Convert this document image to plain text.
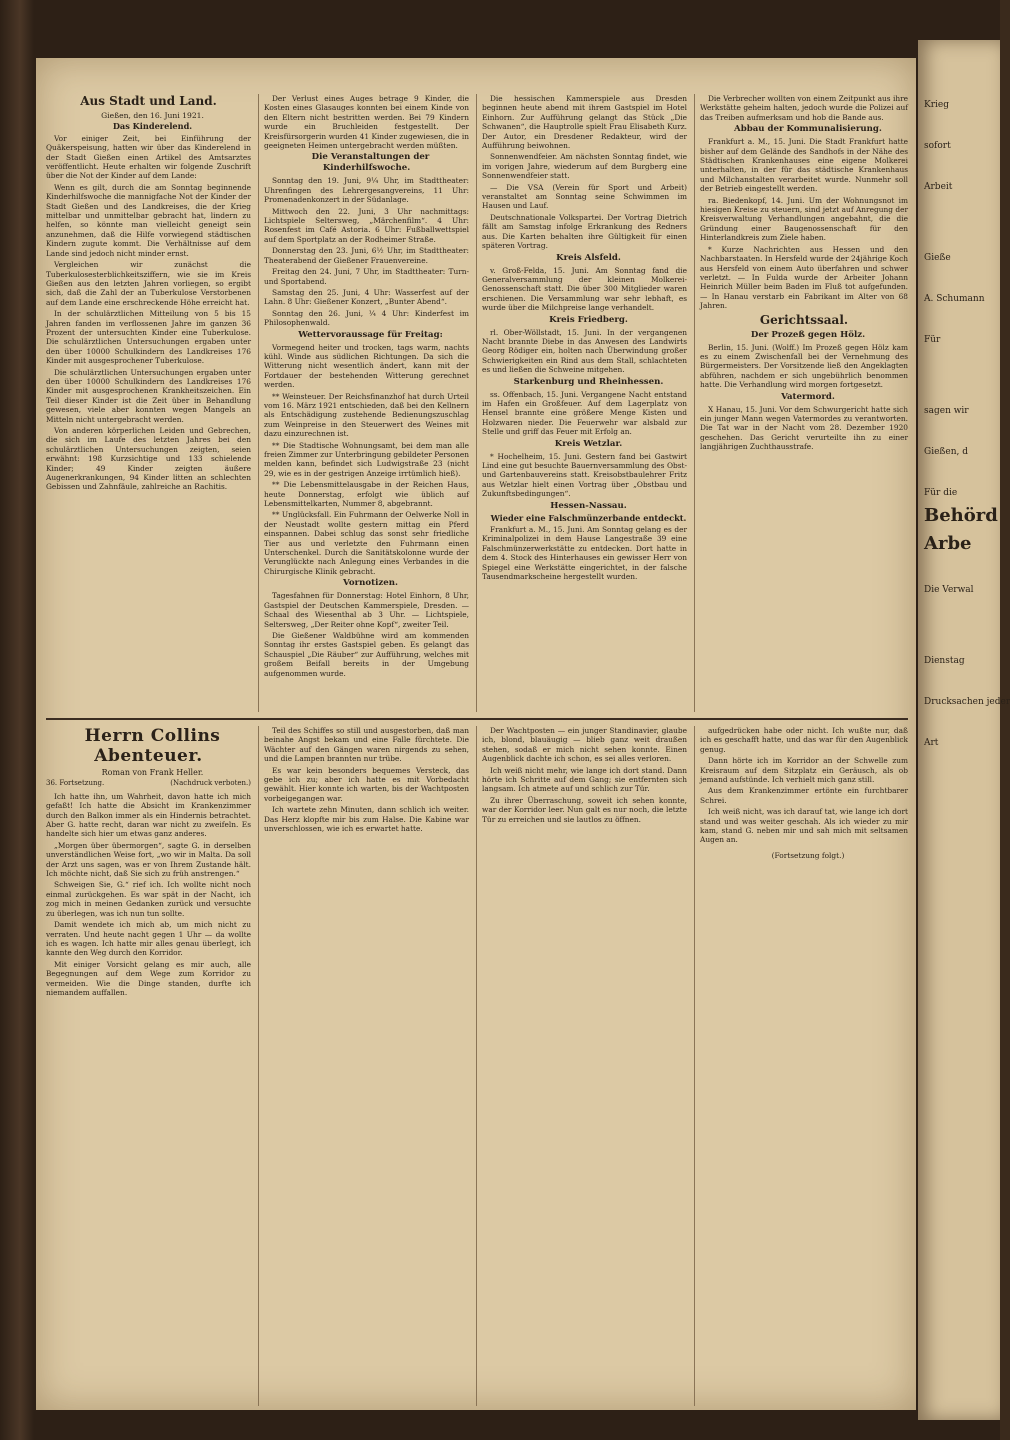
Krieg

sofort

Arbeit

Gieße

A. Schumann

Für

sagen wir

Gießen, d

Für die

Behörd

Arbe

Die Verwal

Dienstag

Drucksachen jeder

Art

Aus Stadt und Land.

Gießen, den 16. Juni 1921.

Das Kinderelend.

Vor einiger Zeit, bei Einführung der Quäkerspeisung, hatten wir über das Kinderelend in der Stadt Gießen einen Artikel des Amtsarztes veröffentlicht. Heute erhalten wir folgende Zuschrift über die Not der Kinder auf dem Lande:

Wenn es gilt, durch die am Sonntag beginnende Kinderhilfswoche die mannigfache Not der Kinder der Stadt Gießen und des Landkreises, die der Krieg mittelbar und unmittelbar gebracht hat, lindern zu helfen, so könnte man vielleicht geneigt sein anzunehmen, daß die Hilfe vorwiegend städtischen Kindern zugute kommt. Die Verhältnisse auf dem Lande sind jedoch nicht minder ernst.

Vergleichen wir zunächst die Tuberkulosesterblichkeitsziffern, wie sie im Kreis Gießen aus den letzten Jahren vorliegen, so ergibt sich, daß die Zahl der an Tuberkulose Verstorbenen auf dem Lande eine erschreckende Höhe erreicht hat.

In der schulärztlichen Mitteilung von 5 bis 15 Jahren fanden im verflossenen Jahre im ganzen 36 Prozent der untersuchten Kinder eine Tuberkulose. Die schulärztlichen Untersuchungen ergaben unter den über 10000 Schulkindern des Landkreises 176 Kinder mit ausgesprochener Tuberkulose.

Die schulärztlichen Untersuchungen ergaben unter den über 10000 Schulkindern des Landkreises 176 Kinder mit ausgesprochenen Krankheitszeichen. Ein Teil dieser Kinder ist die Zeit über in Behandlung gewesen, viele aber konnten wegen Mangels an Mitteln nicht untergebracht werden.

Von anderen körperlichen Leiden und Gebrechen, die sich im Laufe des letzten Jahres bei den schulärztlichen Untersuchungen zeigten, seien erwähnt: 198 Kurzsichtige und 133 schielende Kinder; 49 Kinder zeigten äußere Augenerkrankungen, 94 Kinder litten an schlechten Gebissen und Zahnfäule, zahlreiche an Rachitis.

Der Verlust eines Auges betrage 9 Kinder, die Kosten eines Glasauges konnten bei einem Kinde von den Eltern nicht bestritten werden. Bei 79 Kindern wurde ein Bruchleiden festgestellt. Der Kreisfürsorgerin wurden 41 Kinder zugewiesen, die in geeigneten Heimen untergebracht werden müßten.

Die Veranstaltungen der Kinderhilfswoche.

Sonntag den 19. Juni, 9¼ Uhr, im Stadttheater: Uhrenfingen des Lehrergesangvereins, 11 Uhr: Promenadenkonzert in der Südanlage.

Mittwoch den 22. Juni, 3 Uhr nachmittags: Lichtspiele Seltersweg, „Märchenfilm“. 4 Uhr: Rosenfest im Café Astoria. 6 Uhr: Fußballwettspiel auf dem Sportplatz an der Rodheimer Straße.

Donnerstag den 23. Juni, 6½ Uhr, im Stadttheater: Theaterabend der Gießener Frauenvereine.

Freitag den 24. Juni, 7 Uhr, im Stadttheater: Turn- und Sportabend.

Samstag den 25. Juni, 4 Uhr: Wasserfest auf der Lahn. 8 Uhr: Gießener Konzert, „Bunter Abend“.

Sonntag den 26. Juni, ¼ 4 Uhr: Kinderfest im Philosophenwald.

Wettervoraussage für Freitag:

Vormegend heiter und trocken, tags warm, nachts kühl. Winde aus südlichen Richtungen. Da sich die Witterung nicht wesentlich ändert, kann mit der Fortdauer der bestehenden Witterung gerechnet werden.

** Weinsteuer. Der Reichsfinanzhof hat durch Urteil vom 16. März 1921 entschieden, daß bei den Kellnern als Entschädigung zustehende Bedienungszuschlag zum Weinpreise in den Steuerwert des Weines mit dazu einzurechnen ist.

** Die Stadtische Wohnungsamt, bei dem man alle freien Zimmer zur Unterbringung gebildeter Personen melden kann, befindet sich Ludwigstraße 23 (nicht 29, wie es in der gestrigen Anzeige irrtümlich hieß).

** Die Lebensmittelausgabe in der Reichen Haus, heute Donnerstag, erfolgt wie üblich auf Lebensmittelkarten, Nummer 8, abgebrannt.

** Unglücksfall. Ein Fuhrmann der Oelwerke Noll in der Neustadt wollte gestern mittag ein Pferd einspannen. Dabei schlug das sonst sehr friedliche Tier aus und verletzte den Fuhrmann einen Unterschenkel. Durch die Sanitätskolonne wurde der Verunglückte nach Anlegung eines Verbandes in die Chirurgische Klinik gebracht.

Vornotizen.

Tagesfahnen für Donnerstag: Hotel Einhorn, 8 Uhr, Gastspiel der Deutschen Kammerspiele, Dresden. — Schaal des Wiesenthal ab 3 Uhr. — Lichtspiele, Seltersweg, „Der Reiter ohne Kopf“, zweiter Teil.

Die Gießener Waldbühne wird am kommenden Sonntag ihr erstes Gastspiel geben. Es gelangt das Schauspiel „Die Räuber“ zur Aufführung, welches mit großem Beifall bereits in der Umgebung aufgenommen wurde.

Die hessischen Kammerspiele aus Dresden beginnen heute abend mit ihrem Gastspiel im Hotel Einhorn. Zur Aufführung gelangt das Stück „Die Schwanen“, die Hauptrolle spielt Frau Elisabeth Kurz. Der Autor, ein Dresdener Redakteur, wird der Aufführung beiwohnen.

Sonnenwendfeier. Am nächsten Sonntag findet, wie im vorigen Jahre, wiederum auf dem Burgberg eine Sonnenwendfeier statt.

— Die VSA (Verein für Sport und Arbeit) veranstaltet am Sonntag seine Schwimmen im Hausen und Lauf.

Deutschnationale Volkspartei. Der Vortrag Dietrich fällt am Samstag infolge Erkrankung des Redners aus. Die Karten behalten ihre Gültigkeit für einen späteren Vortrag.

Kreis Alsfeld.

v. Groß-Felda, 15. Juni. Am Sonntag fand die Generalversammlung der kleinen Molkerei-Genossenschaft statt. Die über 300 Mitglieder waren erschienen. Die Versammlung war sehr lebhaft, es wurde über die Milchpreise lange verhandelt.

Kreis Friedberg.

rl. Ober-Wöllstadt, 15. Juni. In der vergangenen Nacht brannte Diebe in das Anwesen des Landwirts Georg Rödiger ein, holten nach Überwindung großer Schwierigkeiten ein Rind aus dem Stall, schlachteten es und ließen die Schweine mitgehen.

Starkenburg und Rheinhessen.

ss. Offenbach, 15. Juni. Vergangene Nacht entstand im Hafen ein Großfeuer. Auf dem Lagerplatz von Hensel brannte eine größere Menge Kisten und Holzwaren nieder. Die Feuerwehr war alsbald zur Stelle und griff das Feuer mit Erfolg an.

Kreis Wetzlar.

* Hochelheim, 15. Juni. Gestern fand bei Gastwirt Lind eine gut besuchte Bauernversammlung des Obst- und Gartenbauvereins statt. Kreisobstbaulehrer Fritz aus Wetzlar hielt einen Vortrag über „Obstbau und Zukunftsbedingungen“.

Hessen-Nassau.

Wieder eine Falschmünzerbande entdeckt.

Frankfurt a. M., 15. Juni. Am Sonntag gelang es der Kriminalpolizei in dem Hause Langestraße 39 eine Falschmünzerwerkstätte zu entdecken. Dort hatte in dem 4. Stock des Hinterhauses ein gewisser Herr von Spiegel eine Werkstätte eingerichtet, in der falsche Tausendmarkscheine hergestellt wurden.

Die Verbrecher wollten von einem Zeitpunkt aus ihre Werkstätte geheim halten, jedoch wurde die Polizei auf das Treiben aufmerksam und hob die Bande aus.

Abbau der Kommunalisierung.

Frankfurt a. M., 15. Juni. Die Stadt Frankfurt hatte bisher auf dem Gelände des Sandhofs in der Nähe des Städtischen Krankenhauses eine eigene Molkerei unterhalten, in der für das städtische Krankenhaus und Milchanstalten verarbeitet wurde. Nunmehr soll der Betrieb eingestellt werden.

ra. Biedenkopf, 14. Juni. Um der Wohnungsnot im hiesigen Kreise zu steuern, sind jetzt auf Anregung der Kreisverwaltung Verhandlungen angebahnt, die die Gründung einer Baugenossenschaft für den Hinterlandkreis zum Ziele haben.

* Kurze Nachrichten aus Hessen und den Nachbarstaaten. In Hersfeld wurde der 24jährige Koch aus Hersfeld von einem Auto überfahren und schwer verletzt. — In Fulda wurde der Arbeiter Johann Heinrich Müller beim Baden im Fluß tot aufgefunden. — In Hanau verstarb ein Fabrikant im Alter von 68 Jahren.

Gerichtssaal.

Der Prozeß gegen Hölz.

Berlin, 15. Juni. (Wolff.) Im Prozeß gegen Hölz kam es zu einem Zwischenfall bei der Vernehmung des Bürgermeisters. Der Vorsitzende ließ den Angeklagten abführen, nachdem er sich ungebührlich benommen hatte. Die Verhandlung wird morgen fortgesetzt.

Vatermord.

X Hanau, 15. Juni. Vor dem Schwurgericht hatte sich ein junger Mann wegen Vatermordes zu verantworten. Die Tat war in der Nacht vom 28. Dezember 1920 geschehen. Das Gericht verurteilte ihn zu einer langjährigen Zuchthausstrafe.

Herrn Collins Abenteuer.

Roman von Frank Heller.

36. Fortsetzung.	(Nachdruck verboten.)

Ich hatte ihn, um Wahrheit, davon hatte ich mich gefaßt! Ich hatte die Absicht im Krankenzimmer durch den Balkon immer als ein Hindernis betrachtet. Aber G. hatte recht, daran war nicht zu zweifeln. Es handelte sich hier um etwas ganz anderes.

„Morgen über übermorgen“, sagte G. in derselben unverständlichen Weise fort, „wo wir in Malta. Da soll der Arzt uns sagen, was er von Ihrem Zustande hält. Ich möchte nicht, daß Sie sich zu früh anstrengen.“

Schweigen Sie, G.“ rief ich. Ich wollte nicht noch einmal zurückgehen. Es war spät in der Nacht, ich zog mich in meinen Gedanken zurück und versuchte zu überlegen, was ich nun tun sollte.

Damit wendete ich mich ab, um mich nicht zu verraten. Und heute nacht gegen 1 Uhr — da wollte ich es wagen. Ich hatte mir alles genau überlegt, ich kannte den Weg durch den Korridor.

Mit einiger Vorsicht gelang es mir auch, alle Begegnungen auf dem Wege zum Korridor zu vermeiden. Wie die Dinge standen, durfte ich niemandem auffallen.

Teil des Schiffes so still und ausgestorben, daß man beinahe Angst bekam und eine Falle fürchtete. Die Wächter auf den Gängen waren nirgends zu sehen, und die Lampen brannten nur trübe.

Es war kein besonders bequemes Versteck, das gebe ich zu; aber ich hatte es mit Vorbedacht gewählt. Hier konnte ich warten, bis der Wachtposten vorbeigegangen war.

Ich wartete zehn Minuten, dann schlich ich weiter. Das Herz klopfte mir bis zum Halse. Die Kabine war unverschlossen, wie ich es erwartet hatte.

Der Wachtposten — ein junger Standinavier, glaube ich, blond, blauäugig — blieb ganz weit draußen stehen, sodaß er mich nicht sehen konnte. Einen Augenblick dachte ich schon, es sei alles verloren.

Ich weiß nicht mehr, wie lange ich dort stand. Dann hörte ich Schritte auf dem Gang; sie entfernten sich langsam. Ich atmete auf und schlich zur Tür.

Zu ihrer Überraschung, soweit ich sehen konnte, war der Korridor leer. Nun galt es nur noch, die letzte Tür zu erreichen und sie lautlos zu öffnen.

aufgedrücken habe oder nicht. Ich wußte nur, daß ich es geschafft hatte, und das war für den Augenblick genug.

Dann hörte ich im Korridor an der Schwelle zum Kreisraum auf dem Sitzplatz ein Geräusch, als ob jemand aufstünde. Ich verhielt mich ganz still.

Aus dem Krankenzimmer ertönte ein furchtbarer Schrei.

Ich weiß nicht, was ich darauf tat, wie lange ich dort stand und was weiter geschah. Als ich wieder zu mir kam, stand G. neben mir und sah mich mit seltsamen Augen an.

(Fortsetzung folgt.)
